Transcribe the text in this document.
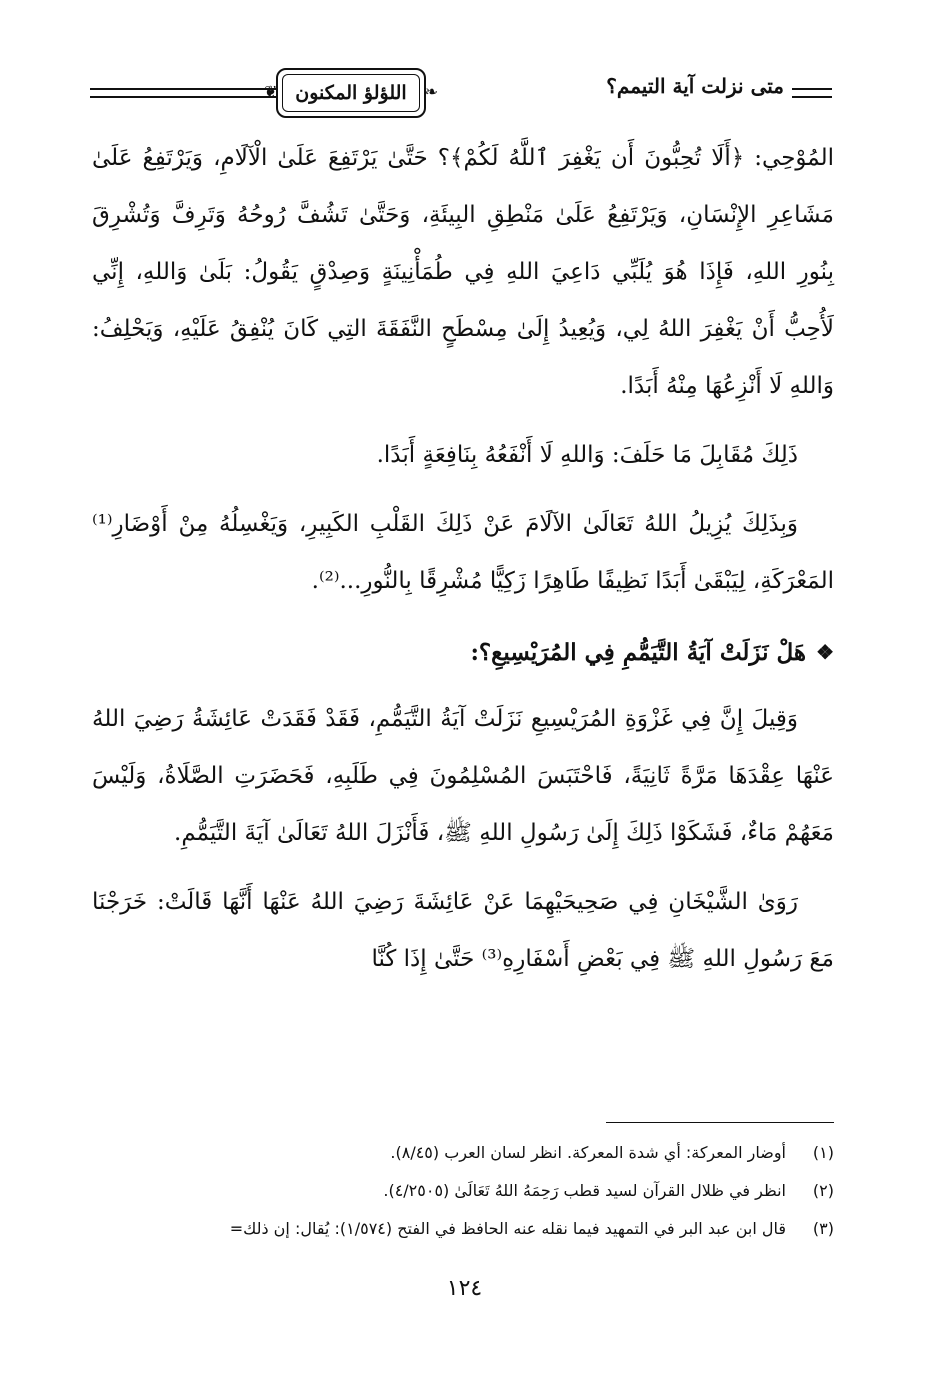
متى نزلت آية التيمم؟
❦ اللؤلؤ المكنون ❧

المُوْحِي: ﴿أَلَا تُحِبُّونَ أَن يَغْفِرَ ٱللَّهُ لَكُمْ﴾؟ حَتَّىٰ يَرْتَفِعَ عَلَىٰ الْآلَامِ، وَيَرْتَفِعُ عَلَىٰ مَشَاعِرِ الإِنْسَانِ، وَيَرْتَفِعُ عَلَىٰ مَنْطِقِ البِيئَةِ، وَحَتَّىٰ تَشُفَّ رُوحُهُ وَتَرِفَّ وَتُشْرِقَ بِنُورِ اللهِ، فَإِذَا هُوَ يُلَبِّي دَاعِيَ اللهِ فِي طُمَأْنِينَةٍ وَصِدْقٍ يَقُولُ: بَلَىٰ وَاللهِ، إِنِّي لَأُحِبُّ أَنْ يَغْفِرَ اللهُ لِي، وَيُعِيدُ إِلَىٰ مِسْطَحٍ النَّفَقَةَ التِي كَانَ يُنْفِقُ عَلَيْهِ، وَيَحْلِفُ: وَاللهِ لَا أَنْزِعُهَا مِنْهُ أَبَدًا.

ذَلِكَ مُقَابِلَ مَا حَلَفَ: وَاللهِ لَا أَنْفَعُهُ بِنَافِعَةٍ أَبَدًا.

وَبِذَلِكَ يُزِيلُ اللهُ تَعَالَىٰ الآلَامَ عَنْ ذَلِكَ القَلْبِ الكَبِيرِ، وَيَغْسِلُهُ مِنْ أَوْضَارِ⁽¹⁾ المَعْرَكَةِ، لِيَبْقَىٰ أَبَدًا نَظِيفًا طَاهِرًا زَكِيًّا مُشْرِقًا بِالنُّورِ...⁽²⁾.

❖
هَلْ نَزَلَتْ آيَةُ التَّيَمُّمِ فِي المُرَيْسِيعِ؟:

وَقِيلَ إِنَّ فِي غَزْوَةِ المُرَيْسِيعِ نَزَلَتْ آيَةُ التَّيَمُّمِ، فَقَدْ فَقَدَتْ عَائِشَةُ رَضِيَ اللهُ عَنْهَا عِقْدَهَا مَرَّةً ثَانِيَةً، فَاحْتَبَسَ المُسْلِمُونَ فِي طَلَبِهِ، فَحَضَرَتِ الصَّلَاةُ، وَلَيْسَ مَعَهُمْ مَاءٌ، فَشَكَوْا ذَلِكَ إِلَىٰ رَسُولِ اللهِ ﷺ، فَأَنْزَلَ اللهُ تَعَالَىٰ آيَةَ التَّيَمُّمِ.

رَوَىٰ الشَّيْخَانِ فِي صَحِيحَيْهِمَا عَنْ عَائِشَةَ رَضِيَ اللهُ عَنْهَا أَنَّهَا قَالَتْ: خَرَجْنَا مَعَ رَسُولِ اللهِ ﷺ فِي بَعْضِ أَسْفَارِهِ⁽³⁾ حَتَّىٰ إِذَا كُنَّا

(١)
أوضار المعركة: أي شدة المعركة. انظر لسان العرب (٨/٤٥).
(٢)
انظر في ظلال القرآن لسيد قطب رَحِمَهُ اللهُ تَعَالَىٰ (٤/٢٥٠٥).
(٣)
قال ابن عبد البر في التمهيد فيما نقله عنه الحافظ في الفتح (١/٥٧٤): يُقال: إن ذلك=
١٢٤
